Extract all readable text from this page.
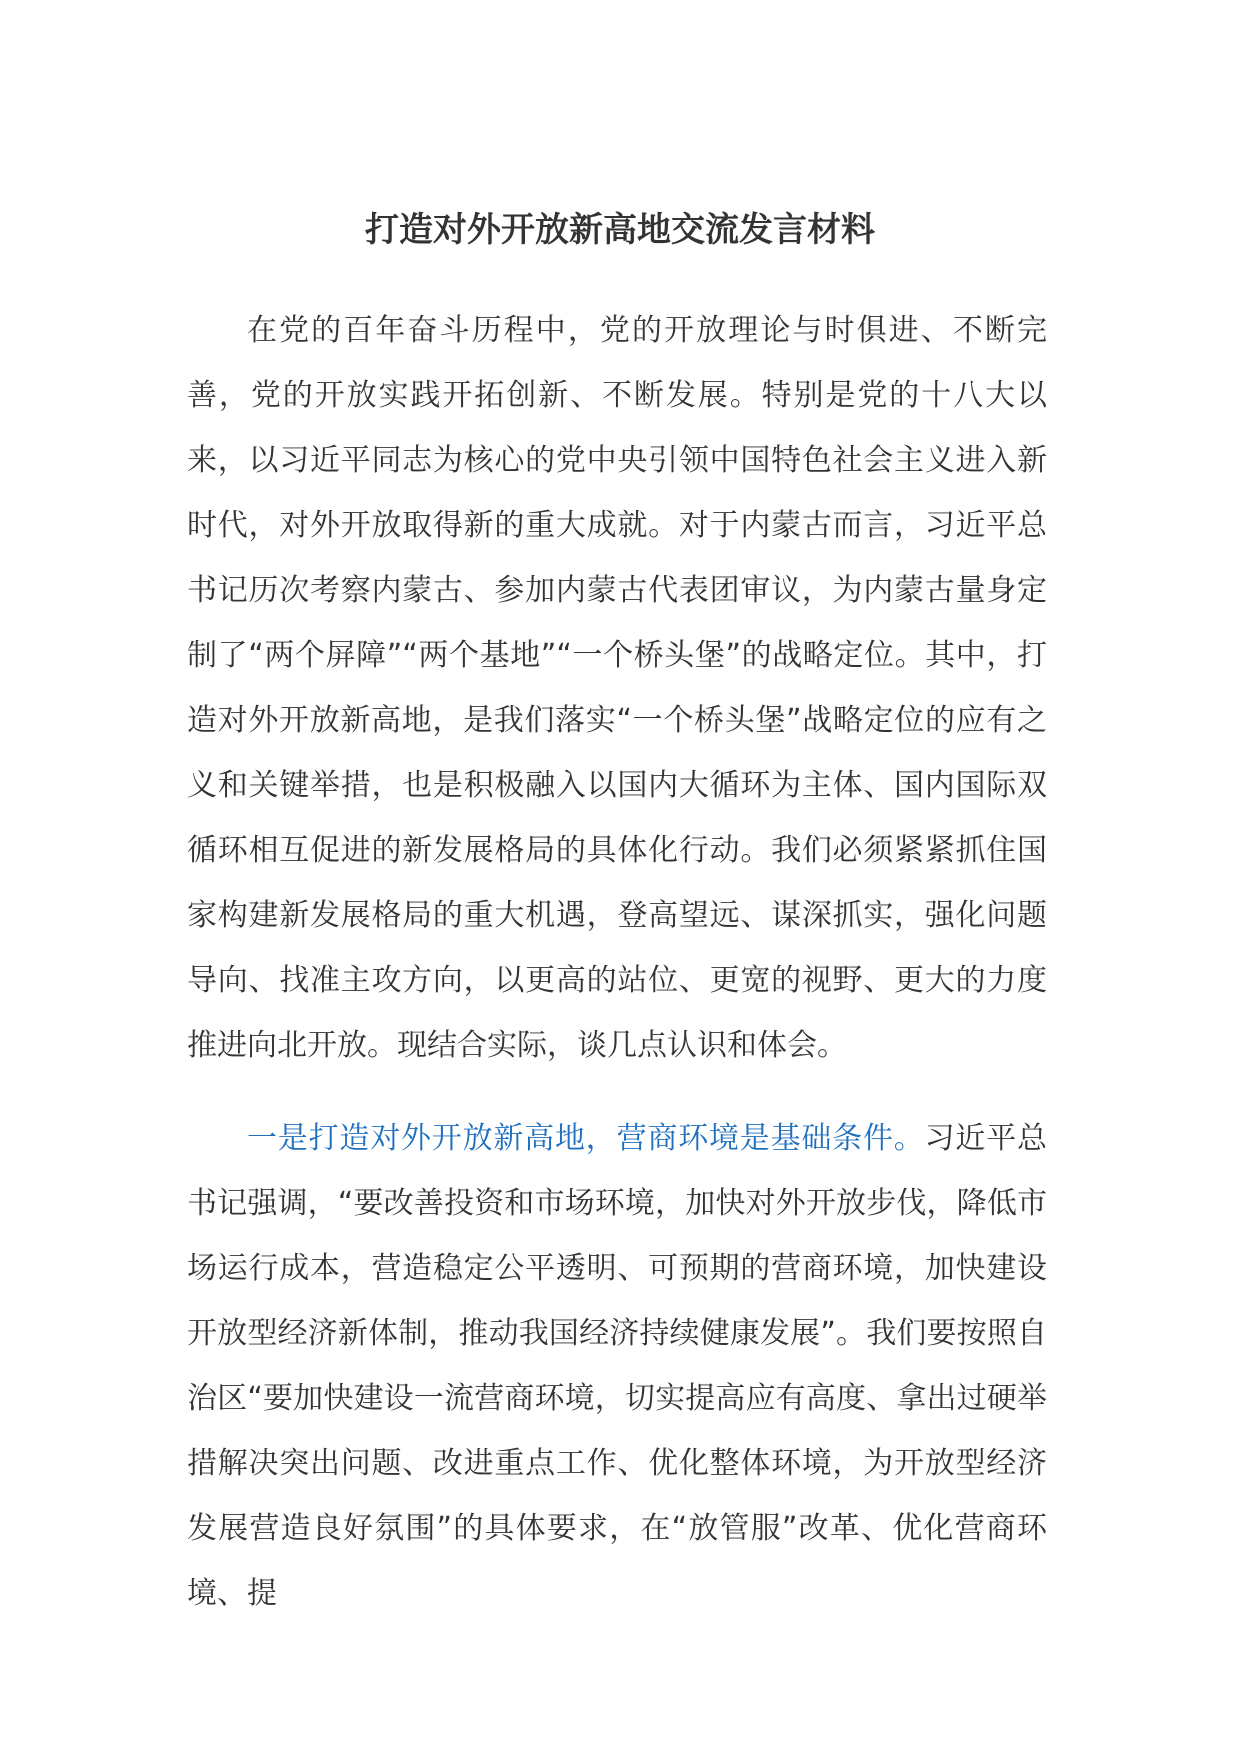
打造对外开放新高地交流发言材料

在党的百年奋斗历程中，党的开放理论与时俱进、不断完善，党的开放实践开拓创新、不断发展。特别是党的十八大以来，以习近平同志为核心的党中央引领中国特色社会主义进入新时代，对外开放取得新的重大成就。对于内蒙古而言，习近平总书记历次考察内蒙古、参加内蒙古代表团审议，为内蒙古量身定制了“两个屏障”“两个基地”“一个桥头堡”的战略定位。其中，打造对外开放新高地，是我们落实“一个桥头堡”战略定位的应有之义和关键举措，也是积极融入以国内大循环为主体、国内国际双循环相互促进的新发展格局的具体化行动。我们必须紧紧抓住国家构建新发展格局的重大机遇，登高望远、谋深抓实，强化问题导向、找准主攻方向，以更高的站位、更宽的视野、更大的力度推进向北开放。现结合实际，谈几点认识和体会。

一是打造对外开放新高地，营商环境是基础条件。习近平总书记强调，“要改善投资和市场环境，加快对外开放步伐，降低市场运行成本，营造稳定公平透明、可预期的营商环境，加快建设开放型经济新体制，推动我国经济持续健康发展”。我们要按照自治区“要加快建设一流营商环境，切实提高应有高度、拿出过硬举措解决突出问题、改进重点工作、优化整体环境，为开放型经济发展营造良好氛围”的具体要求，在“放管服”改革、优化营商环境、提
